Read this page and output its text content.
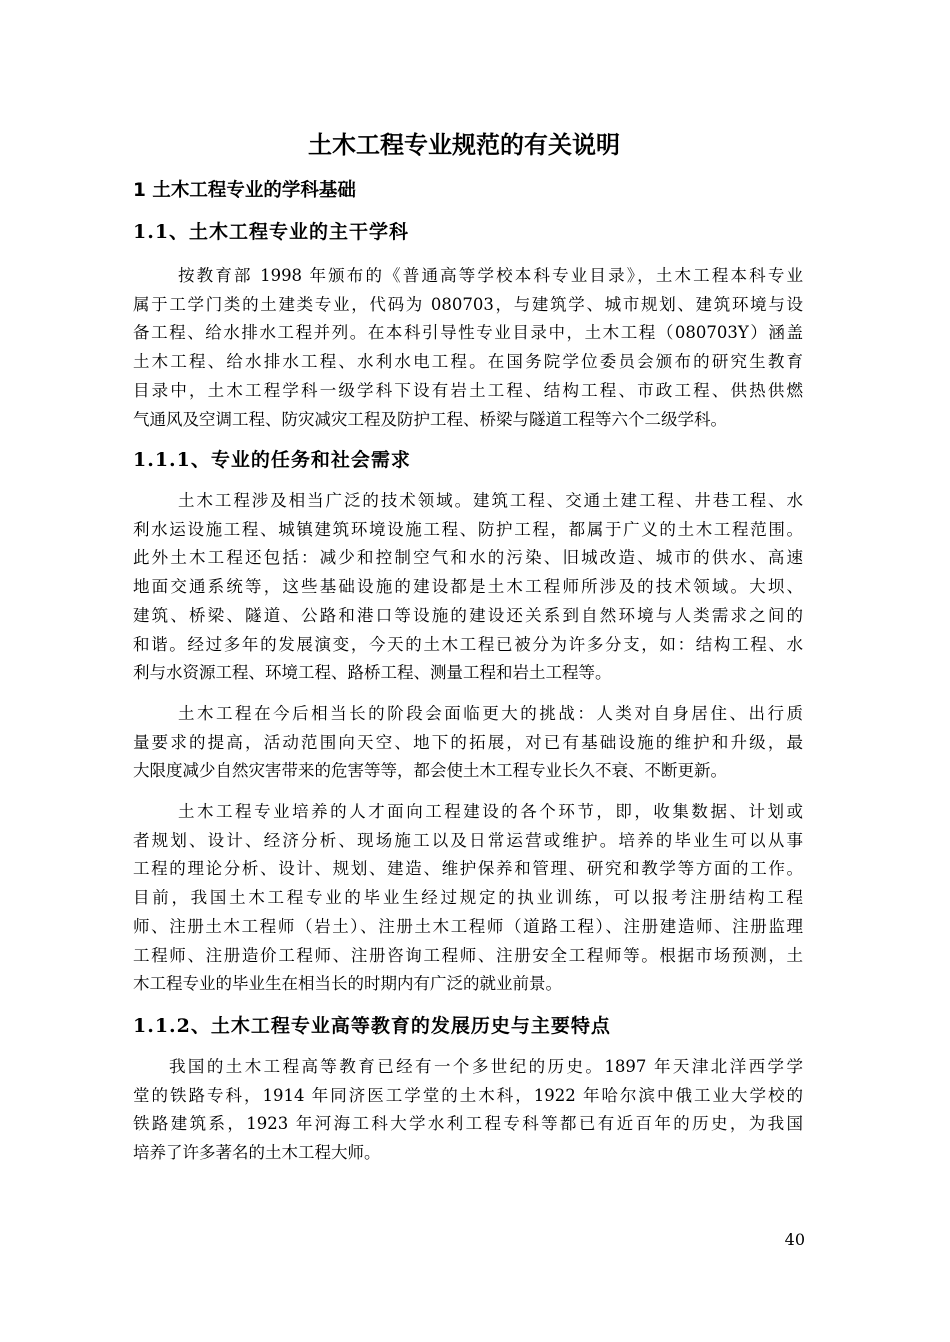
土木工程专业规范的有关说明
1 土木工程专业的学科基础
1.1、土木工程专业的主干学科
按教育部 1998 年颁布的《普通高等学校本科专业目录》，土木工程本科专业
属于工学门类的土建类专业，代码为 080703，与建筑学、城市规划、建筑环境与设
备工程、给水排水工程并列。在本科引导性专业目录中，土木工程（080703Y）涵盖
土木工程、给水排水工程、水利水电工程。在国务院学位委员会颁布的研究生教育
目录中，土木工程学科一级学科下设有岩土工程、结构工程、市政工程、供热供燃
气通风及空调工程、防灾减灾工程及防护工程、桥梁与隧道工程等六个二级学科。
1.1.1、专业的任务和社会需求
土木工程涉及相当广泛的技术领域。建筑工程、交通土建工程、井巷工程、水
利水运设施工程、城镇建筑环境设施工程、防护工程，都属于广义的土木工程范围。
此外土木工程还包括：减少和控制空气和水的污染、旧城改造、城市的供水、高速
地面交通系统等，这些基础设施的建设都是土木工程师所涉及的技术领域。大坝、
建筑、桥梁、隧道、公路和港口等设施的建设还关系到自然环境与人类需求之间的
和谐。经过多年的发展演变，今天的土木工程已被分为许多分支，如：结构工程、水
利与水资源工程、环境工程、路桥工程、测量工程和岩土工程等。
土木工程在今后相当长的阶段会面临更大的挑战：人类对自身居住、出行质
量要求的提高，活动范围向天空、地下的拓展，对已有基础设施的维护和升级，最
大限度减少自然灾害带来的危害等等，都会使土木工程专业长久不衰、不断更新。
土木工程专业培养的人才面向工程建设的各个环节，即，收集数据、计划或
者规划、设计、经济分析、现场施工以及日常运营或维护。培养的毕业生可以从事
工程的理论分析、设计、规划、建造、维护保养和管理、研究和教学等方面的工作。
目前，我国土木工程专业的毕业生经过规定的执业训练，可以报考注册结构工程
师、注册土木工程师（岩土）、注册土木工程师（道路工程）、注册建造师、注册监理
工程师、注册造价工程师、注册咨询工程师、注册安全工程师等。根据市场预测，土
木工程专业的毕业生在相当长的时期内有广泛的就业前景。
1.1.2、土木工程专业高等教育的发展历史与主要特点
我国的土木工程高等教育已经有一个多世纪的历史。1897 年天津北洋西学学
堂的铁路专科，1914 年同济医工学堂的土木科，1922 年哈尔滨中俄工业大学校的
铁路建筑系，1923 年河海工科大学水利工程专科等都已有近百年的历史，为我国
培养了许多著名的土木工程大师。
40
